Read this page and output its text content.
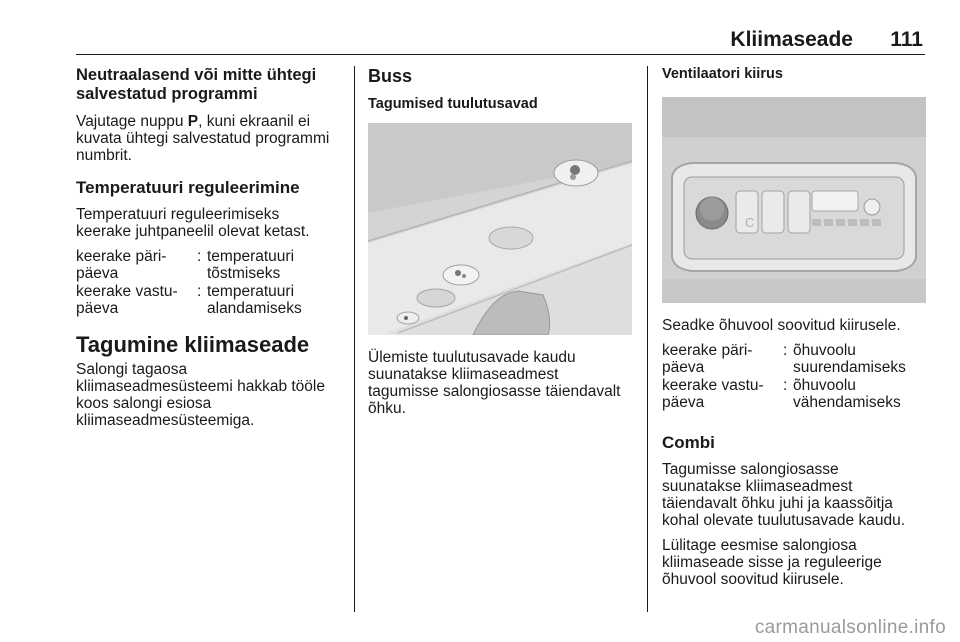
Kliimaseade 111
Neutraalasend või mitte ühtegi salvestatud programmi

Vajutage nuppu P, kuni ekraanil ei kuvata ühtegi salvestatud programmi numbrit.

Temperatuuri reguleerimine

Temperatuuri reguleerimiseks
keerake juhtpaneelil olevat ketast.

keerake päri-
päeva
: temperatuuri
tõstmiseks
keerake vastu-
päeva
: temperatuuri
alandamiseks
Tagumine kliimaseade

Salongi tagaosa
kliimaseadmesüsteemi hakkab tööle
koos salongi esiosa
kliimaseadmesüsteemiga.

Buss
Tagumised tuulutusavad

Ülemiste tuulutusavade kaudu
suunatakse kliimaseadmest
tagumisse salongiosasse täiendavalt
õhku.

Ventilaatori kiirus
C

Seadke õhuvool soovitud kiirusele.

keerake päri-
päeva
: õhuvoolu
suurendamiseks
keerake vastu-
päeva
: õhuvoolu
vähendamiseks
Combi

Tagumisse salongiosasse
suunatakse kliimaseadmest
täiendavalt õhku juhi ja kaassõitja
kohal olevate tuulutusavade kaudu.

Lülitage eesmise salongiosa
kliimaseade sisse ja reguleerige
õhuvool soovitud kiirusele.

carmanualsonline.info
